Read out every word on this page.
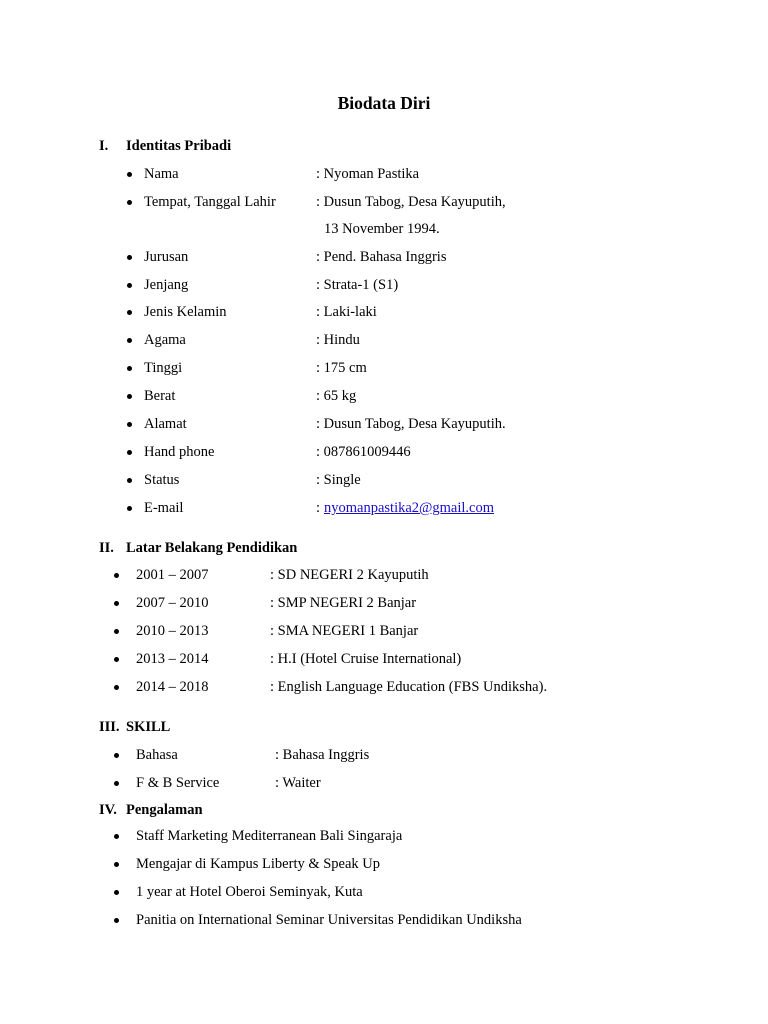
Biodata Diri
I. Identitas Pribadi
Nama	: Nyoman Pastika
Tempat, Tanggal Lahir	: Dusun Tabog, Desa Kayuputih,
13 November 1994.
Jurusan	: Pend. Bahasa Inggris
Jenjang	: Strata-1 (S1)
Jenis Kelamin	: Laki-laki
Agama	: Hindu
Tinggi	: 175 cm
Berat	: 65 kg
Alamat	: Dusun Tabog, Desa Kayuputih.
Hand phone	: 087861009446
Status	: Single
E-mail	: nyomanpastika2@gmail.com
II. Latar Belakang Pendidikan
2001 – 2007	: SD NEGERI 2 Kayuputih
2007 – 2010	: SMP NEGERI 2 Banjar
2010 – 2013	: SMA NEGERI 1 Banjar
2013 – 2014	: H.I (Hotel Cruise International)
2014 – 2018	: English Language Education (FBS Undiksha).
III. SKILL
Bahasa	: Bahasa Inggris
F & B Service	: Waiter
IV. Pengalaman
Staff Marketing Mediterranean Bali Singaraja
Mengajar di Kampus Liberty & Speak Up
1 year at Hotel Oberoi Seminyak, Kuta
Panitia on International Seminar Universitas Pendidikan Undiksha
